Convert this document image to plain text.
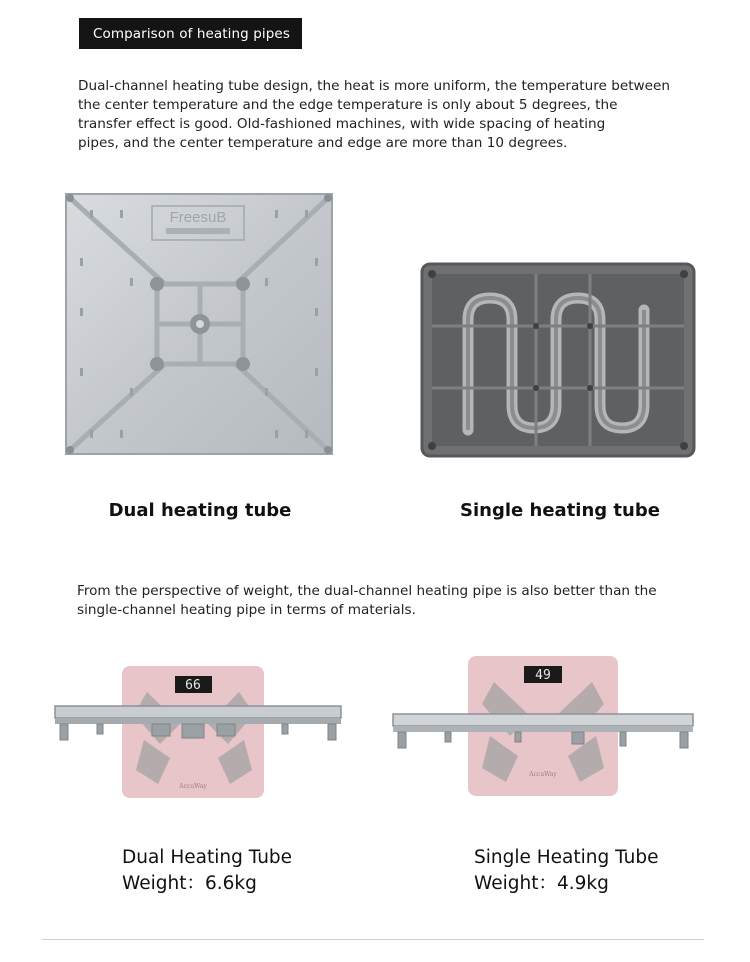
Comparison of heating pipes
Dual-channel heating tube design, the heat is more uniform, the temperature between
the center temperature and the edge temperature is only about 5 degrees, the
transfer effect is good. Old-fashioned machines, with wide spacing of heating
pipes, and the center temperature and edge are more than 10 degrees.
FreesuB
Dual heating tube	Single heating tube
From the perspective of weight, the dual-channel heating pipe is also better than the
single-channel heating pipe in terms of materials.
66
AccuWay
49
AccuWay
Dual Heating Tube
Weight：6.6kg
Single Heating Tube
Weight：4.9kg
